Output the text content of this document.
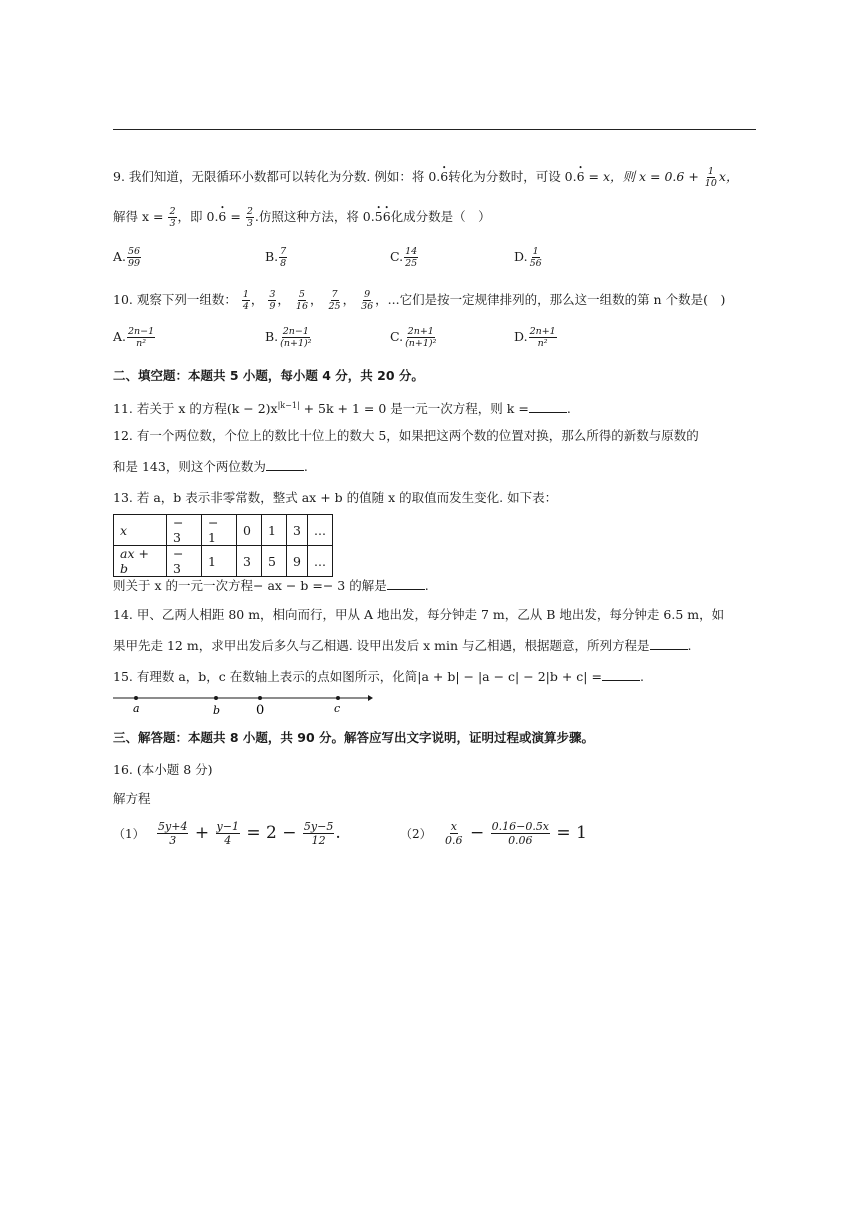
9. 我们知道，无限循环小数都可以转化为分数. 例如：将 0.• 6转化为分数时，可设 0.• 6 = x，则 $x = 0.6 + \frac{1}{10}$ x，
解得 $x = \frac{2}{3}$ ，即 0.• $6 = \frac{2}{3}$ .仿照这种方法，将 0.• 5• 6化成分数是（　）
A. $\frac{56}{99}$	B. $\frac{7}{8}$	C. $\frac{14}{25}$	D. $\frac{1}{56}$
10. 观察下列一组数： $\frac{1}{4}$ ， $\frac{3}{9}$ ， $\frac{5}{16}$ ， $\frac{7}{25}$ ， $\frac{9}{36}$ ，...它们是按一定规律排列的，那么这一组数的第 n 个数是(　)
A. $\frac{2n-1}{\text{n²}}$	B. $\frac{2n-1}{\text{(n+1)²}}$	C. $\frac{2n+1}{\text{(n+1)²}}$	D. $\frac{2n+1}{\text{n²}}$
二、填空题：本题共 5 小题，每小题 4 分，共 20 分。
11. 若关于 x 的方程$(k - 2)x^{|k-1|} + 5k + 1 = 0$ 是一元一次方程，则 k =	.
12. 有一个两位数，个位上的数比十位上的数大 5，如果把这两个数的位置对换，那么所得的新数与原数的
和是 143，则这个两位数为	.
13. 若 a，b 表示非零常数，整式 ax + b 的值随 x 的取值而发生变化. 如下表：
x	− 3	− 1	0	1	3	...
ax + b	− 3	1	3	5	9	...
则关于 x 的一元一次方程− ax − b =− 3 的解是	.
14. 甲、乙两人相距 80 m，相向而行，甲从 A 地出发，每分钟走 7 m，乙从 B 地出发，每分钟走 6.5 m，如
果甲先走 12 m，求甲出发后多久与乙相遇. 设甲出发后 x min 与乙相遇，根据题意，所列方程是	.
15. 有理数 a，b，c 在数轴上表示的点如图所示，化简|a + b| − |a − c| − 2|b + c| =	.
a	b	0	c
三、解答题：本题共 8 小题，共 90 分。解答应写出文字说明，证明过程或演算步骤。
16. (本小题 8 分)
解方程
$(1) \frac{5y+4}{3} + \frac{y-1}{4} = 2 - \frac{5y-5}{12}$ .	$(2) \frac{x}{0.6} - \frac{0.16-0.5x}{0.06} = 1$
